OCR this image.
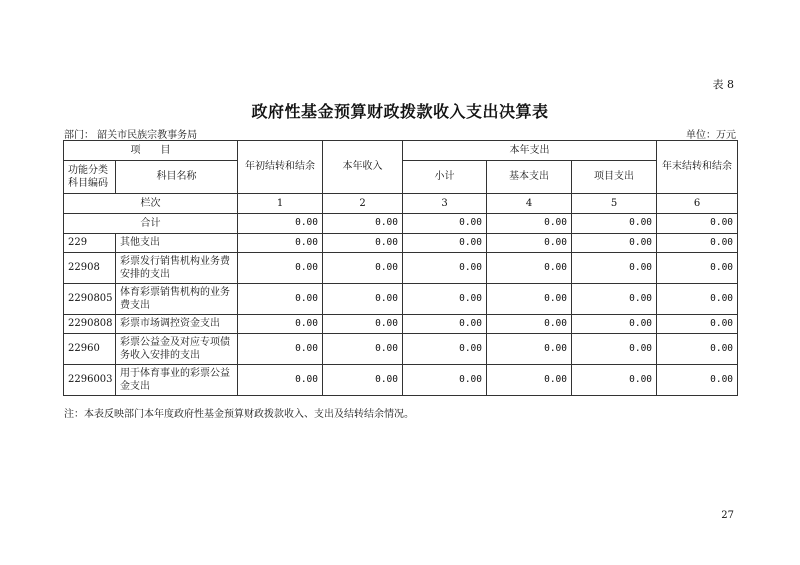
表 8
政府性基金预算财政拨款收入支出决算表
部门： 韶关市民族宗教事务局	单位：万元
项　　目		年初结转和结余	本年收入	本年支出			年末结转和结余
功能分类科目编码	科目名称			小计	基本支出	项目支出	
栏次		1	2	3	4	5	6
合计		0.00	0.00	0.00	0.00	0.00	0.00
229	其他支出	0.00	0.00	0.00	0.00	0.00	0.00
22908	彩票发行销售机构业务费安排的支出	0.00	0.00	0.00	0.00	0.00	0.00
2290805	体育彩票销售机构的业务费支出	0.00	0.00	0.00	0.00	0.00	0.00
2290808	彩票市场调控资金支出	0.00	0.00	0.00	0.00	0.00	0.00
22960	彩票公益金及对应专项债务收入安排的支出	0.00	0.00	0.00	0.00	0.00	0.00
2296003	用于体育事业的彩票公益金支出	0.00	0.00	0.00	0.00	0.00	0.00
注：本表反映部门本年度政府性基金预算财政拨款收入、支出及结转结余情况。
27
